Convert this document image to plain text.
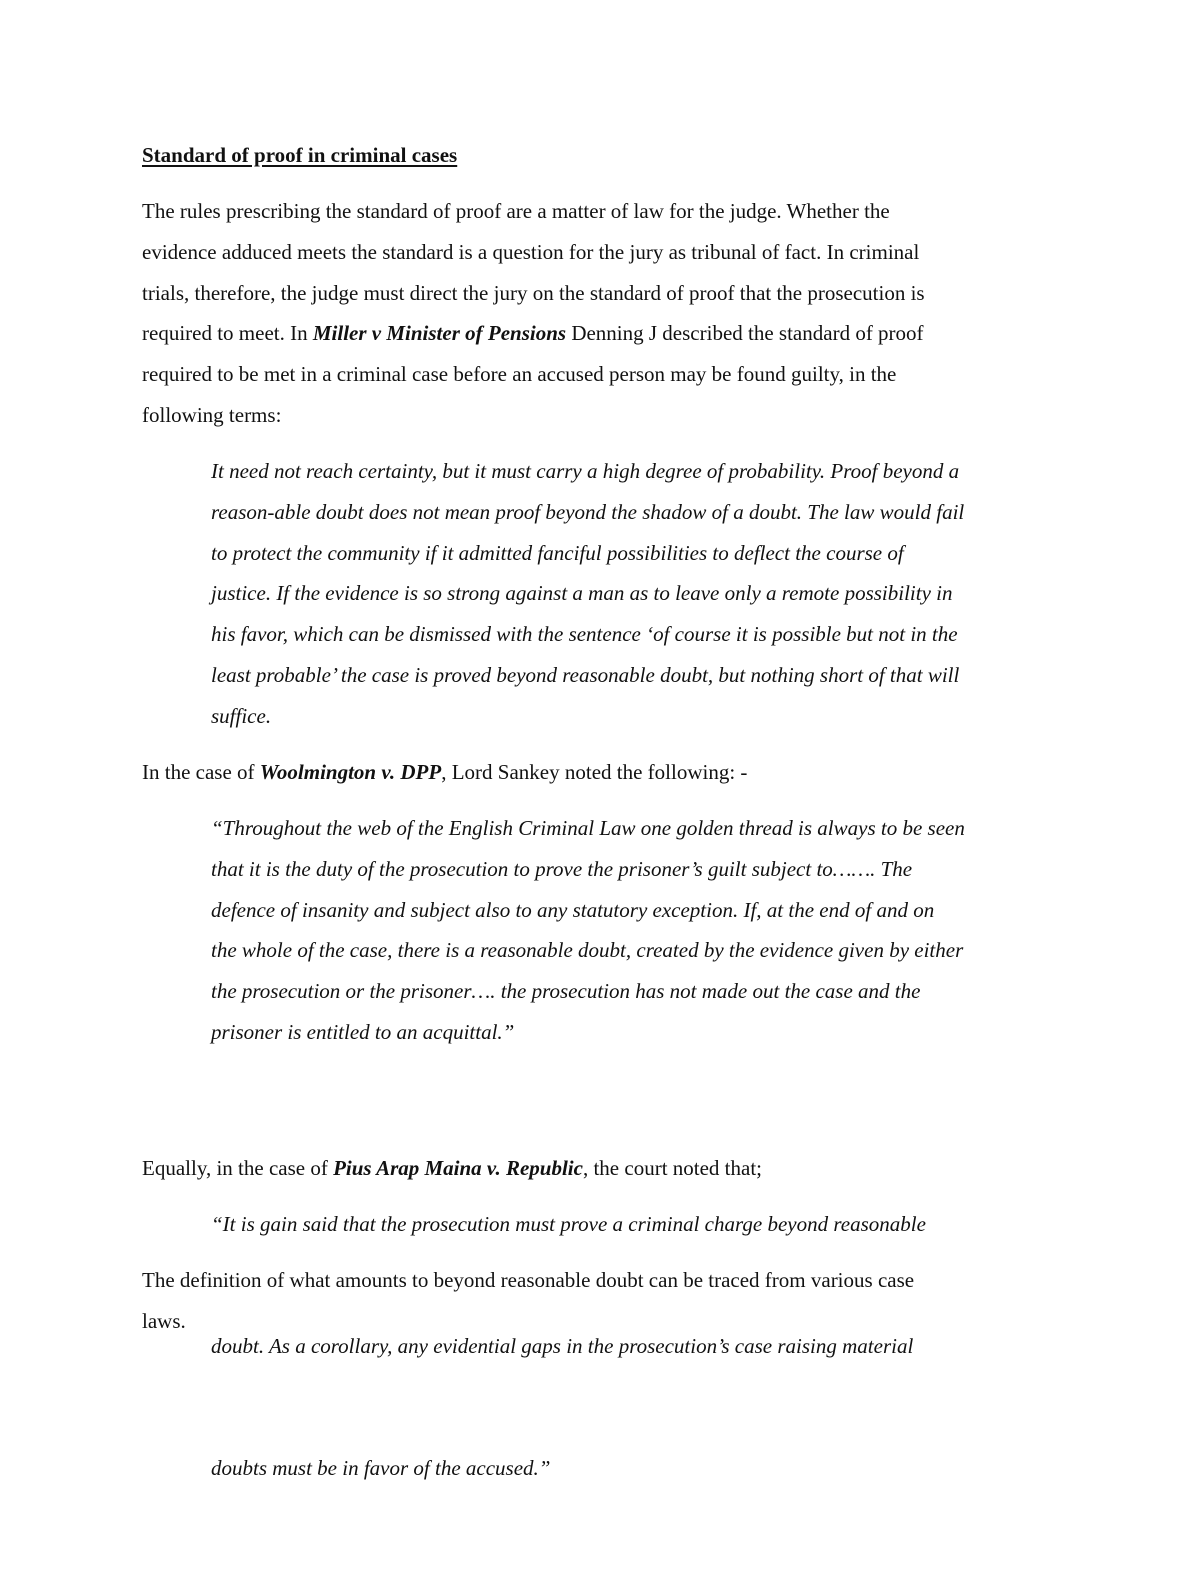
Standard of proof in criminal cases
The rules prescribing the standard of proof are a matter of law for the judge. Whether the
evidence adduced meets the standard is a question for the jury as tribunal of fact. In criminal
trials, therefore, the judge must direct the jury on the standard of proof that the prosecution is
required to meet. In Miller v Minister of Pensions Denning J described the standard of proof
required to be met in a criminal case before an accused person may be found guilty, in the
following terms:
It need not reach certainty, but it must carry a high degree of probability. Proof beyond a
reason-able doubt does not mean proof beyond the shadow of a doubt. The law would fail
to protect the community if it admitted fanciful possibilities to deflect the course of
justice. If the evidence is so strong against a man as to leave only a remote possibility in
his favor, which can be dismissed with the sentence ‘of course it is possible but not in the
least probable’ the case is proved beyond reasonable doubt, but nothing short of that will
suffice.
In the case of Woolmington v. DPP, Lord Sankey noted the following: -
“Throughout the web of the English Criminal Law one golden thread is always to be seen
that it is the duty of the prosecution to prove the prisoner’s guilt subject to……. The
defence of insanity and subject also to any statutory exception. If, at the end of and on
the whole of the case, there is a reasonable doubt, created by the evidence given by either
the prosecution or the prisoner…. the prosecution has not made out the case and the
prisoner is entitled to an acquittal.”

Equally, in the case of Pius Arap Maina v. Republic, the court noted that;

“It is gain said that the prosecution must prove a criminal charge beyond reasonable

doubt. As a corollary, any evidential gaps in the prosecution’s case raising material

doubts must be in favor of the accused.”

The definition of what amounts to beyond reasonable doubt can be traced from various case
laws.
